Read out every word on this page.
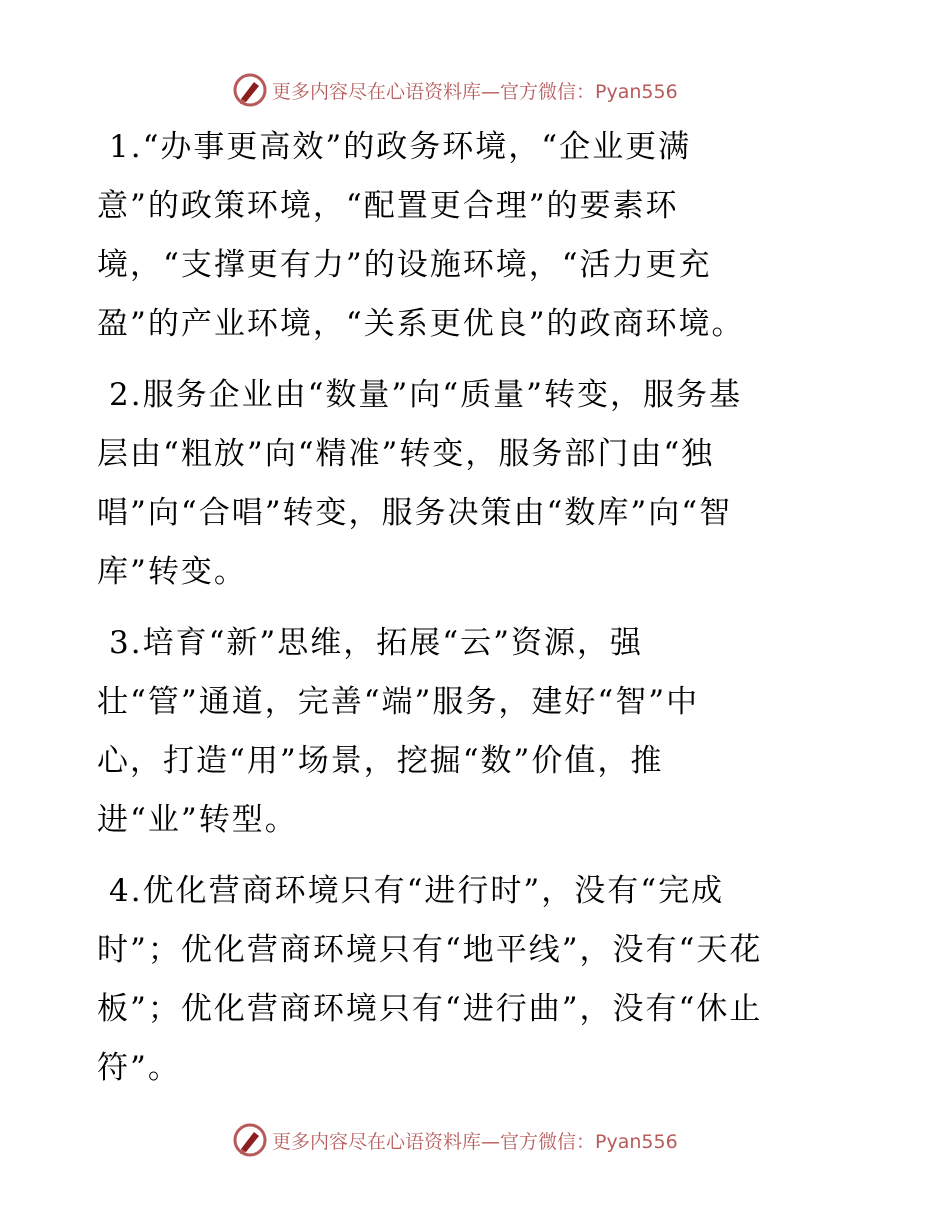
更多内容尽在心语资料库—官方微信：Pyan556
1.“办事更高效”的政务环境，“企业更满
意”的政策环境，“配置更合理”的要素环
境，“支撑更有力”的设施环境，“活力更充
盈”的产业环境，“关系更优良”的政商环境。
2.服务企业由“数量”向“质量”转变，服务基
层由“粗放”向“精准”转变，服务部门由“独
唱”向“合唱”转变，服务决策由“数库”向“智
库”转变。
3.培育“新”思维，拓展“云”资源，强
壮“管”通道，完善“端”服务，建好“智”中
心，打造“用”场景，挖掘“数”价值，推
进“业”转型。
4.优化营商环境只有“进行时”，没有“完成
时”；优化营商环境只有“地平线”，没有“天花
板”；优化营商环境只有“进行曲”，没有“休止
符”。
更多内容尽在心语资料库—官方微信：Pyan556
